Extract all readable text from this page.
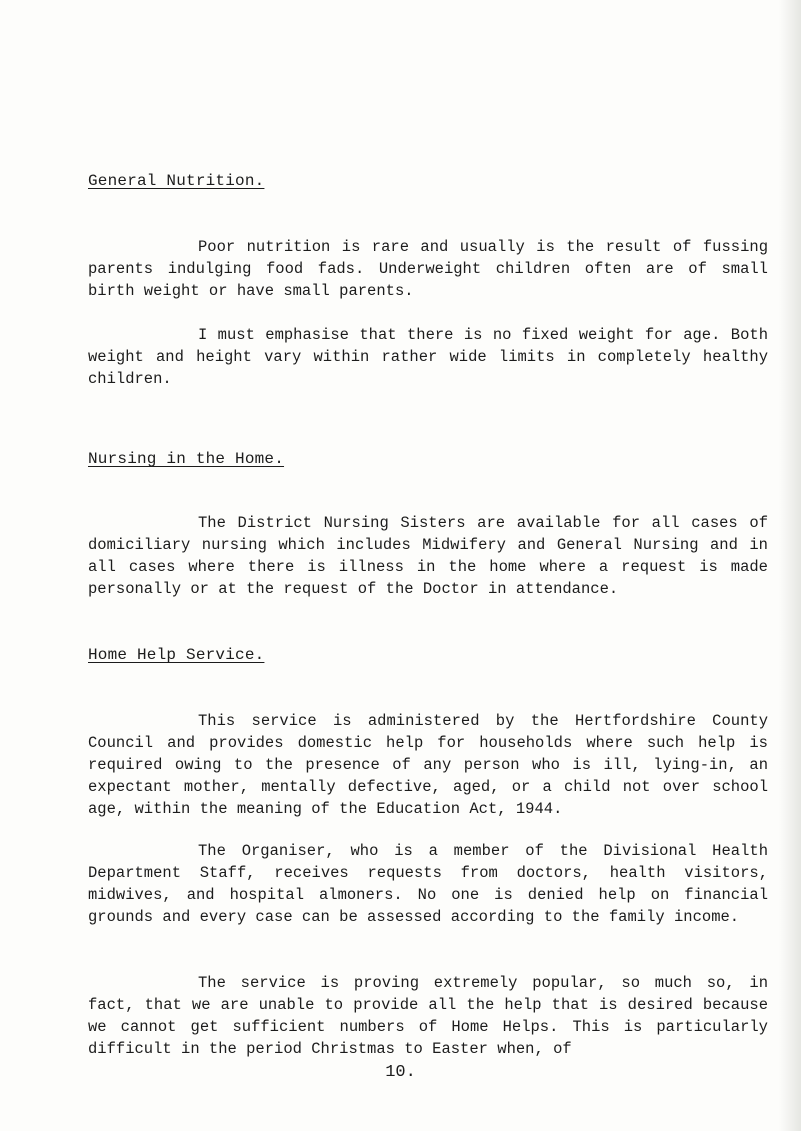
General Nutrition.
Poor nutrition is rare and usually is the result of fussing parents indulging food fads. Underweight children often are of small birth weight or have small parents.
I must emphasise that there is no fixed weight for age. Both weight and height vary within rather wide limits in completely healthy children.
Nursing in the Home.
The District Nursing Sisters are available for all cases of domiciliary nursing which includes Midwifery and General Nursing and in all cases where there is illness in the home where a request is made personally or at the request of the Doctor in attendance.
Home Help Service.
This service is administered by the Hertfordshire County Council and provides domestic help for households where such help is required owing to the presence of any person who is ill, lying-in, an expectant mother, mentally defective, aged, or a child not over school age, within the meaning of the Education Act, 1944.
The Organiser, who is a member of the Divisional Health Department Staff, receives requests from doctors, health visitors, midwives, and hospital almoners. No one is denied help on financial grounds and every case can be assessed according to the family income.
The service is proving extremely popular, so much so, in fact, that we are unable to provide all the help that is desired because we cannot get sufficient numbers of Home Helps. This is particularly difficult in the period Christmas to Easter when, of
10.
